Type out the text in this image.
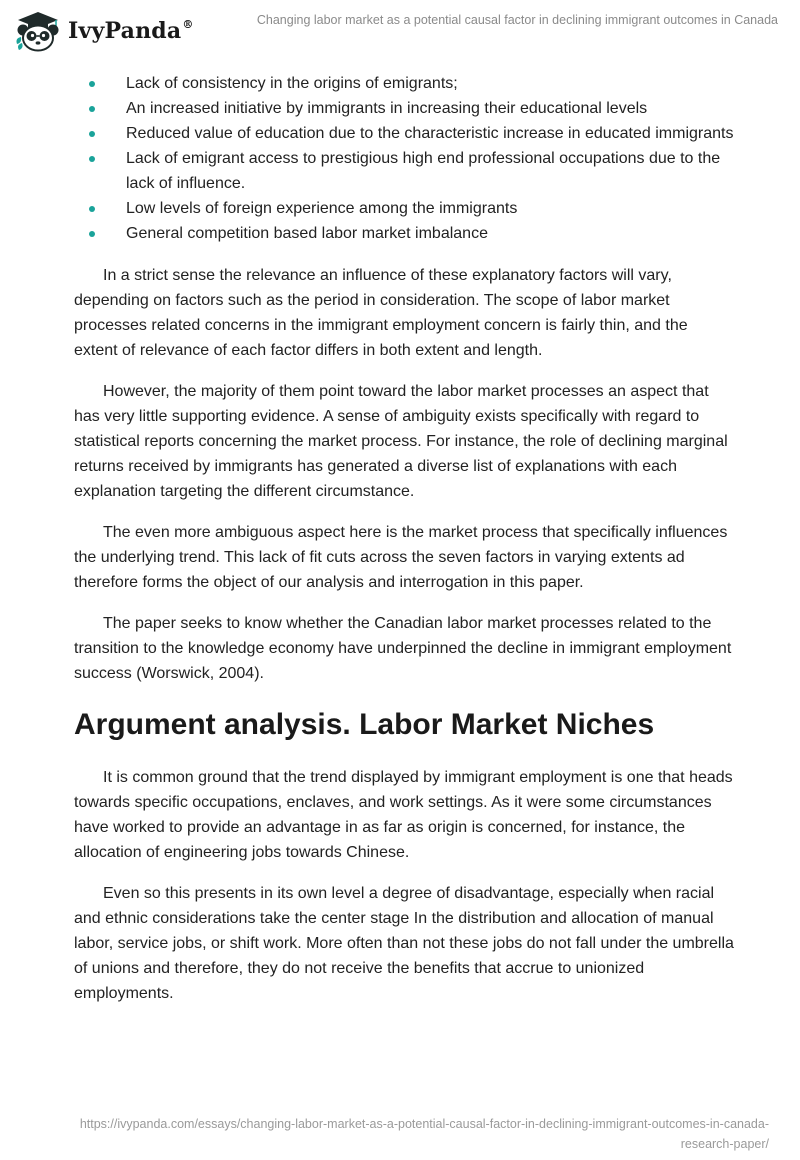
IvyPanda®	Changing labor market as a potential causal factor in declining immigrant outcomes in Canada
Lack of consistency in the origins of emigrants;
An increased initiative by immigrants in increasing their educational levels
Reduced value of education due to the characteristic increase in educated immigrants
Lack of emigrant access to prestigious high end professional occupations due to the lack of influence.
Low levels of foreign experience among the immigrants
General competition based labor market imbalance

In a strict sense the relevance an influence of these explanatory factors will vary, depending on factors such as the period in consideration. The scope of labor market processes related concerns in the immigrant employment concern is fairly thin, and the extent of relevance of each factor differs in both extent and length.

However, the majority of them point toward the labor market processes an aspect that has very little supporting evidence. A sense of ambiguity exists specifically with regard to statistical reports concerning the market process. For instance, the role of declining marginal returns received by immigrants has generated a diverse list of explanations with each explanation targeting the different circumstance.

The even more ambiguous aspect here is the market process that specifically influences the underlying trend. This lack of fit cuts across the seven factors in varying extents ad therefore forms the object of our analysis and interrogation in this paper.

The paper seeks to know whether the Canadian labor market processes related to the transition to the knowledge economy have underpinned the decline in immigrant employment success (Worswick, 2004).

Argument analysis. Labor Market Niches

It is common ground that the trend displayed by immigrant employment is one that heads towards specific occupations, enclaves, and work settings. As it were some circumstances have worked to provide an advantage in as far as origin is concerned, for instance, the allocation of engineering jobs towards Chinese.

Even so this presents in its own level a degree of disadvantage, especially when racial and ethnic considerations take the center stage In the distribution and allocation of manual labor, service jobs, or shift work. More often than not these jobs do not fall under the umbrella of unions and therefore, they do not receive the benefits that accrue to unionized employments.

https://ivypanda.com/essays/changing-labor-market-as-a-potential-causal-factor-in-declining-immigrant-outcomes-in-canada-research-paper/
